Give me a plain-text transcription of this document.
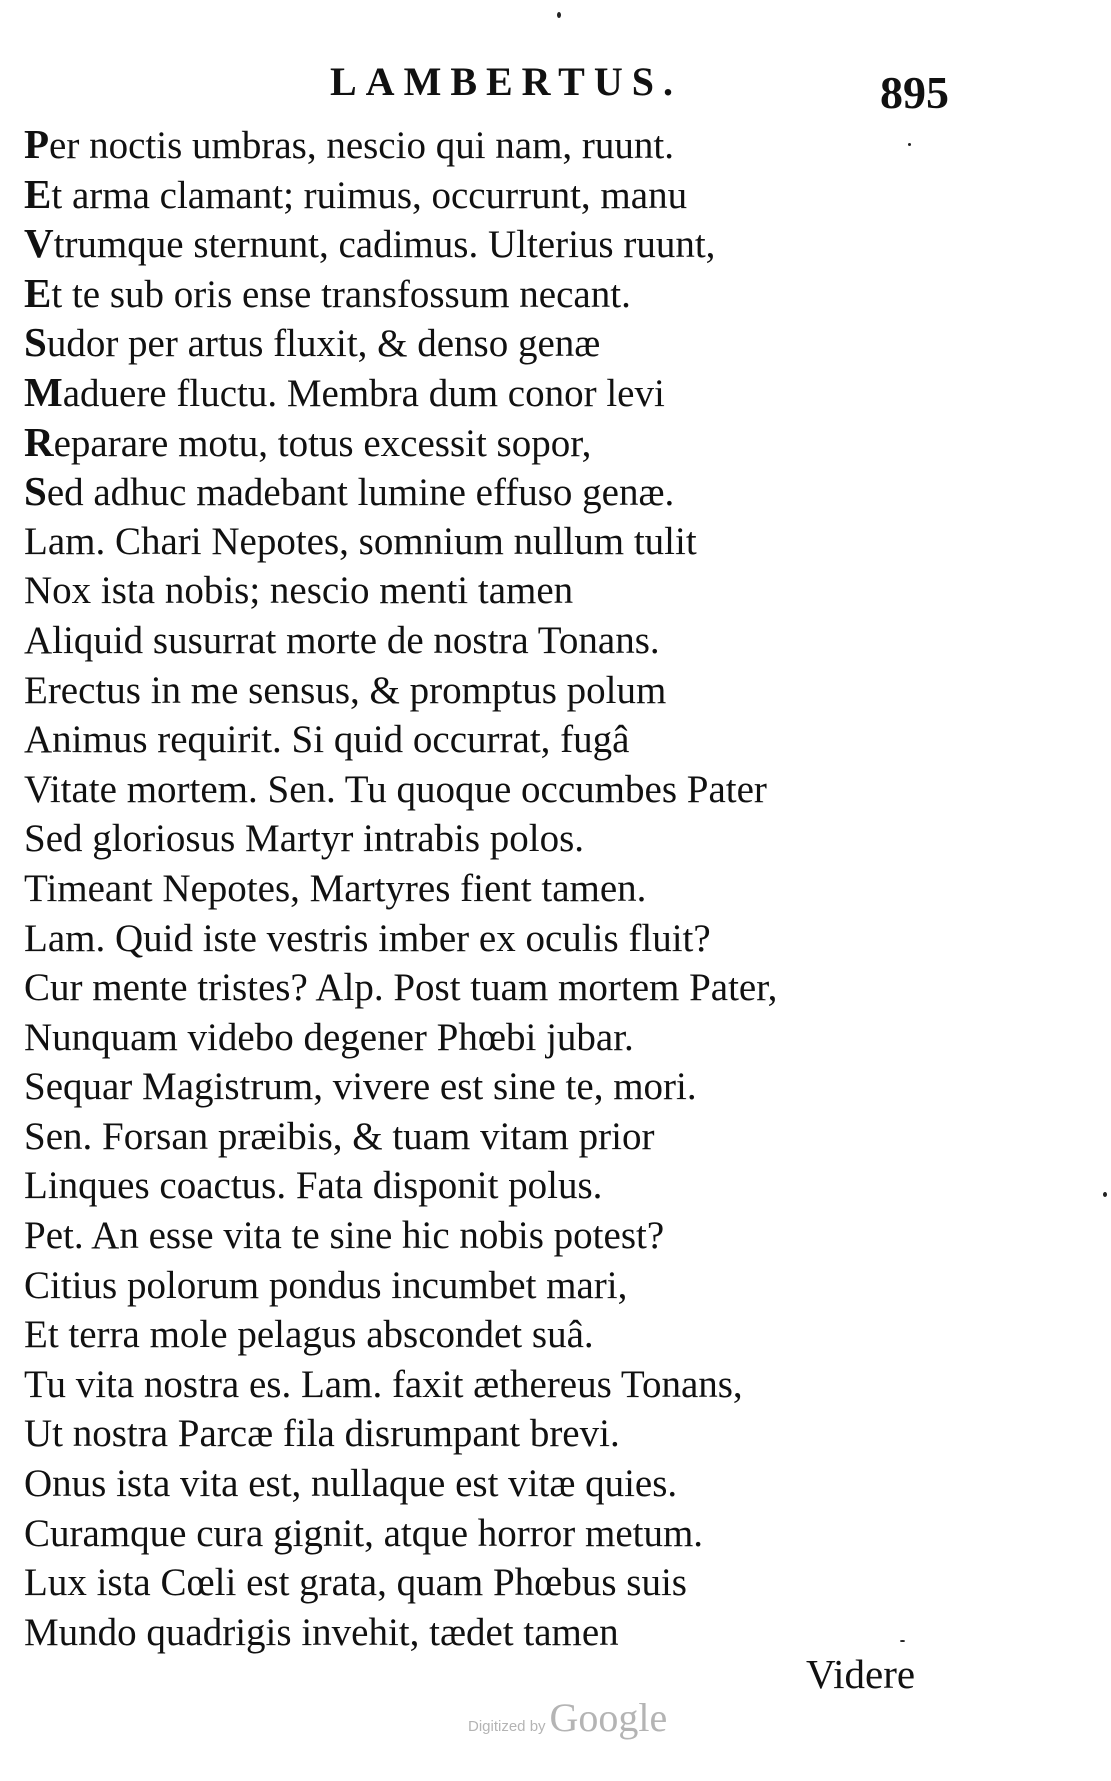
LAMBERTUS.	895
Per noctis umbras, nescio qui nam, ruunt.
Et arma clamant; ruimus, occurrunt, manu
Vtrumque sternunt, cadimus. Ulterius ruunt,
Et te sub oris ense transfossum necant.
Sudor per artus fluxit, & denso genæ
Maduere fluctu. Membra dum conor levi
Reparare motu, totus excessit sopor,
Sed adhuc madebant lumine effuso genæ.
Lam. Chari Nepotes, somnium nullum tulit
Nox ista nobis; nescio menti tamen
Aliquid susurrat morte de nostra Tonans.
Erectus in me sensus, & promptus polum
Animus requirit. Si quid occurrat, fugâ
Vitate mortem. Sen. Tu quoque occumbes Pater
Sed gloriosus Martyr intrabis polos.
Timeant Nepotes, Martyres fient tamen.
Lam. Quid iste vestris imber ex oculis fluit?
Cur mente tristes? Alp. Post tuam mortem Pater,
Nunquam videbo degener Phœbi jubar.
Sequar Magistrum, vivere est sine te, mori.
Sen. Forsan præibis, & tuam vitam prior
Linques coactus. Fata disponit polus.
Pet. An esse vita te sine hic nobis potest?
Citius polorum pondus incumbet mari,
Et terra mole pelagus abscondet suâ.
Tu vita nostra es. Lam. faxit æthereus Tonans,
Ut nostra Parcæ fila disrumpant brevi.
Onus ista vita est, nullaque est vitæ quies.
Curamque cura gignit, atque horror metum.
Lux ista Cœli est grata, quam Phœbus suis
Mundo quadrigis invehit, tædet tamen
Videre
Digitized by Google
